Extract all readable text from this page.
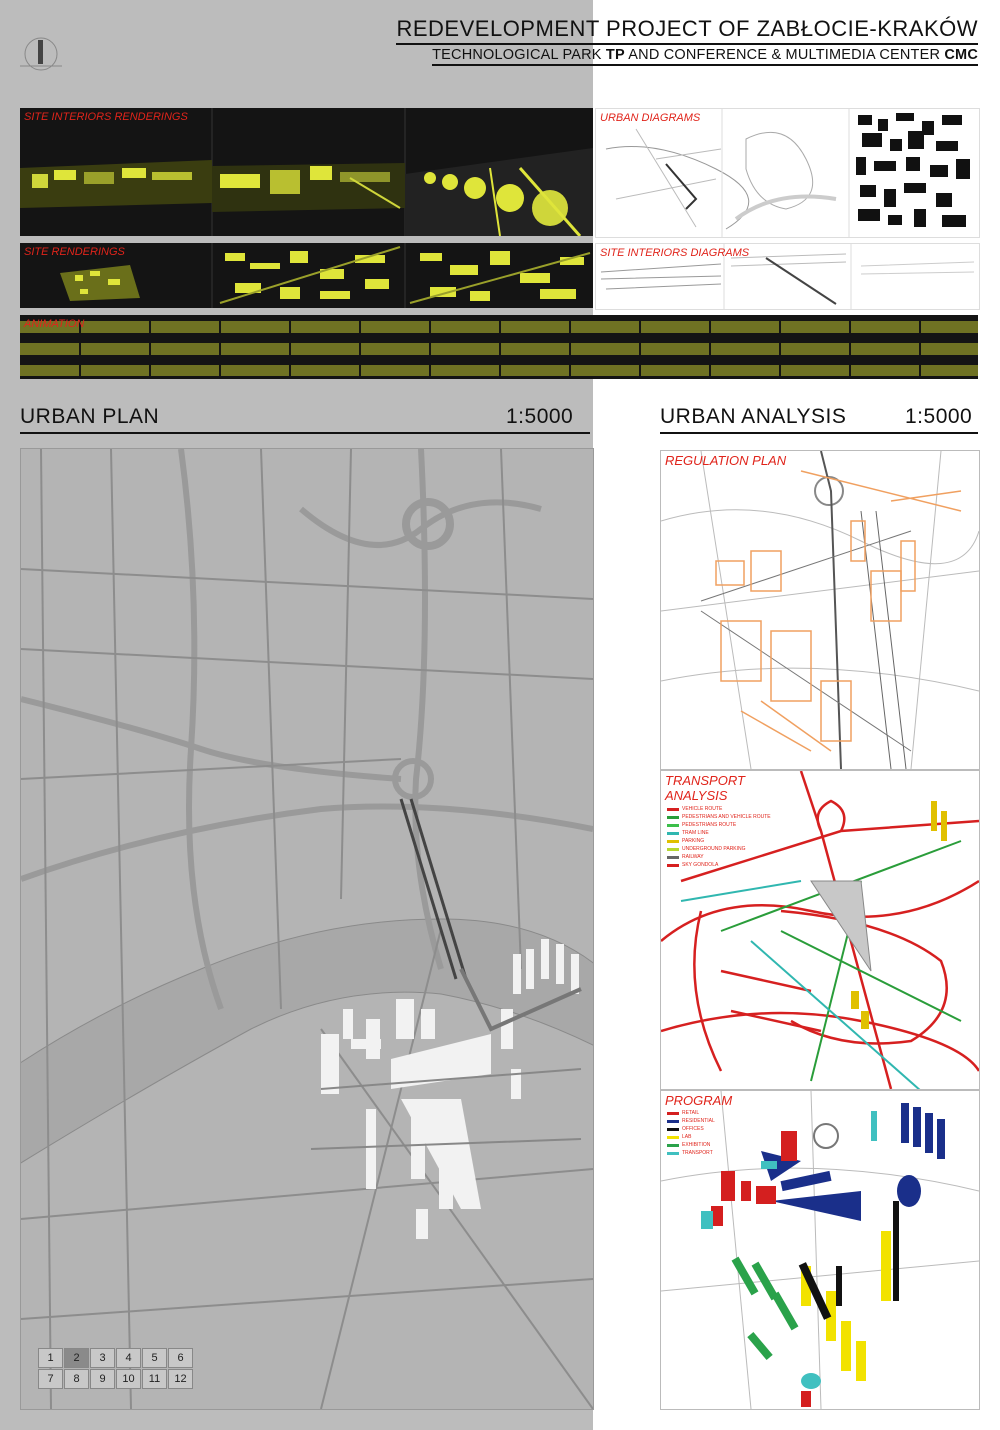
REDEVELOPMENT PROJECT OF ZABŁOCIE-KRAKÓW
TECHNOLOGICAL PARK TP AND CONFERENCE & MULTIMEDIA CENTER CMC
SITE INTERIORS RENDERINGS	URBAN DIAGRAMS
SITE RENDERINGS	SITE INTERIORS DIAGRAMS
ANIMATION
URBAN PLAN	1:5000	URBAN ANALYSIS	1:5000
1	2	3	4	5	6
7	8	9	10	11	12
REGULATION PLAN
TRANSPORT
ANALYSIS
VEHICLE ROUTE
PEDESTRIANS AND VEHICLE ROUTE
PEDESTRIANS ROUTE
TRAM LINE
PARKING
UNDERGROUND PARKING
RAILWAY
SKY GONDOLA
PROGRAM
RETAIL
RESIDENTIAL
OFFICES
LAB
EXHIBITION
TRANSPORT
